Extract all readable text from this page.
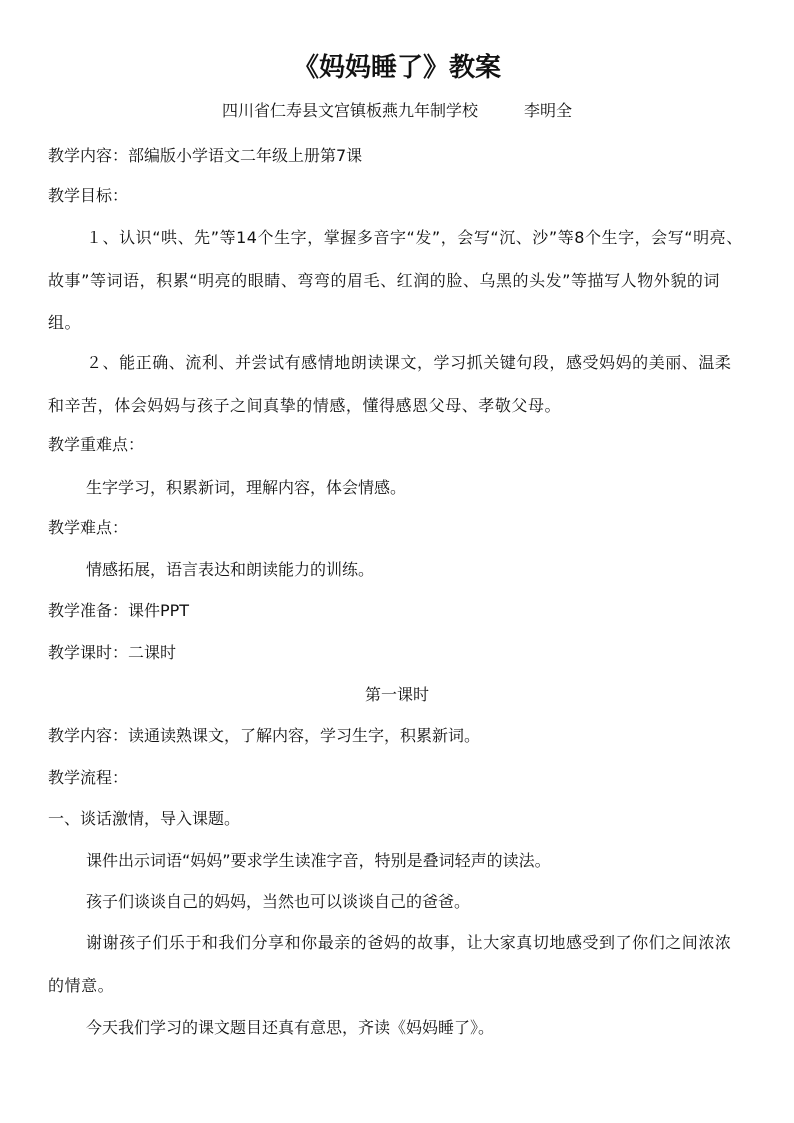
《妈妈睡了》教案
四川省仁寿县文宫镇板燕九年制学校	李明全
教学内容：部编版小学语文二年级上册第7课
教学目标：
１、认识“哄、先”等14个生字，掌握多音字“发”，会写“沉、沙”等8个生字，会写“明亮、故事”等词语，积累“明亮的眼睛、弯弯的眉毛、红润的脸、乌黑的头发”等描写人物外貌的词组。
２、能正确、流利、并尝试有感情地朗读课文，学习抓关键句段，感受妈妈的美丽、温柔和辛苦，体会妈妈与孩子之间真挚的情感，懂得感恩父母、孝敬父母。
教学重难点：
生字学习，积累新词，理解内容，体会情感。
教学难点：
情感拓展，语言表达和朗读能力的训练。
教学准备：课件PPT
教学课时：二课时
第一课时
教学内容：读通读熟课文，了解内容，学习生字，积累新词。
教学流程：
一、谈话激情，导入课题。
课件出示词语“妈妈”要求学生读准字音，特别是叠词轻声的读法。
孩子们谈谈自己的妈妈，当然也可以谈谈自己的爸爸。
谢谢孩子们乐于和我们分享和你最亲的爸妈的故事，让大家真切地感受到了你们之间浓浓的情意。
今天我们学习的课文题目还真有意思，齐读《妈妈睡了》。
